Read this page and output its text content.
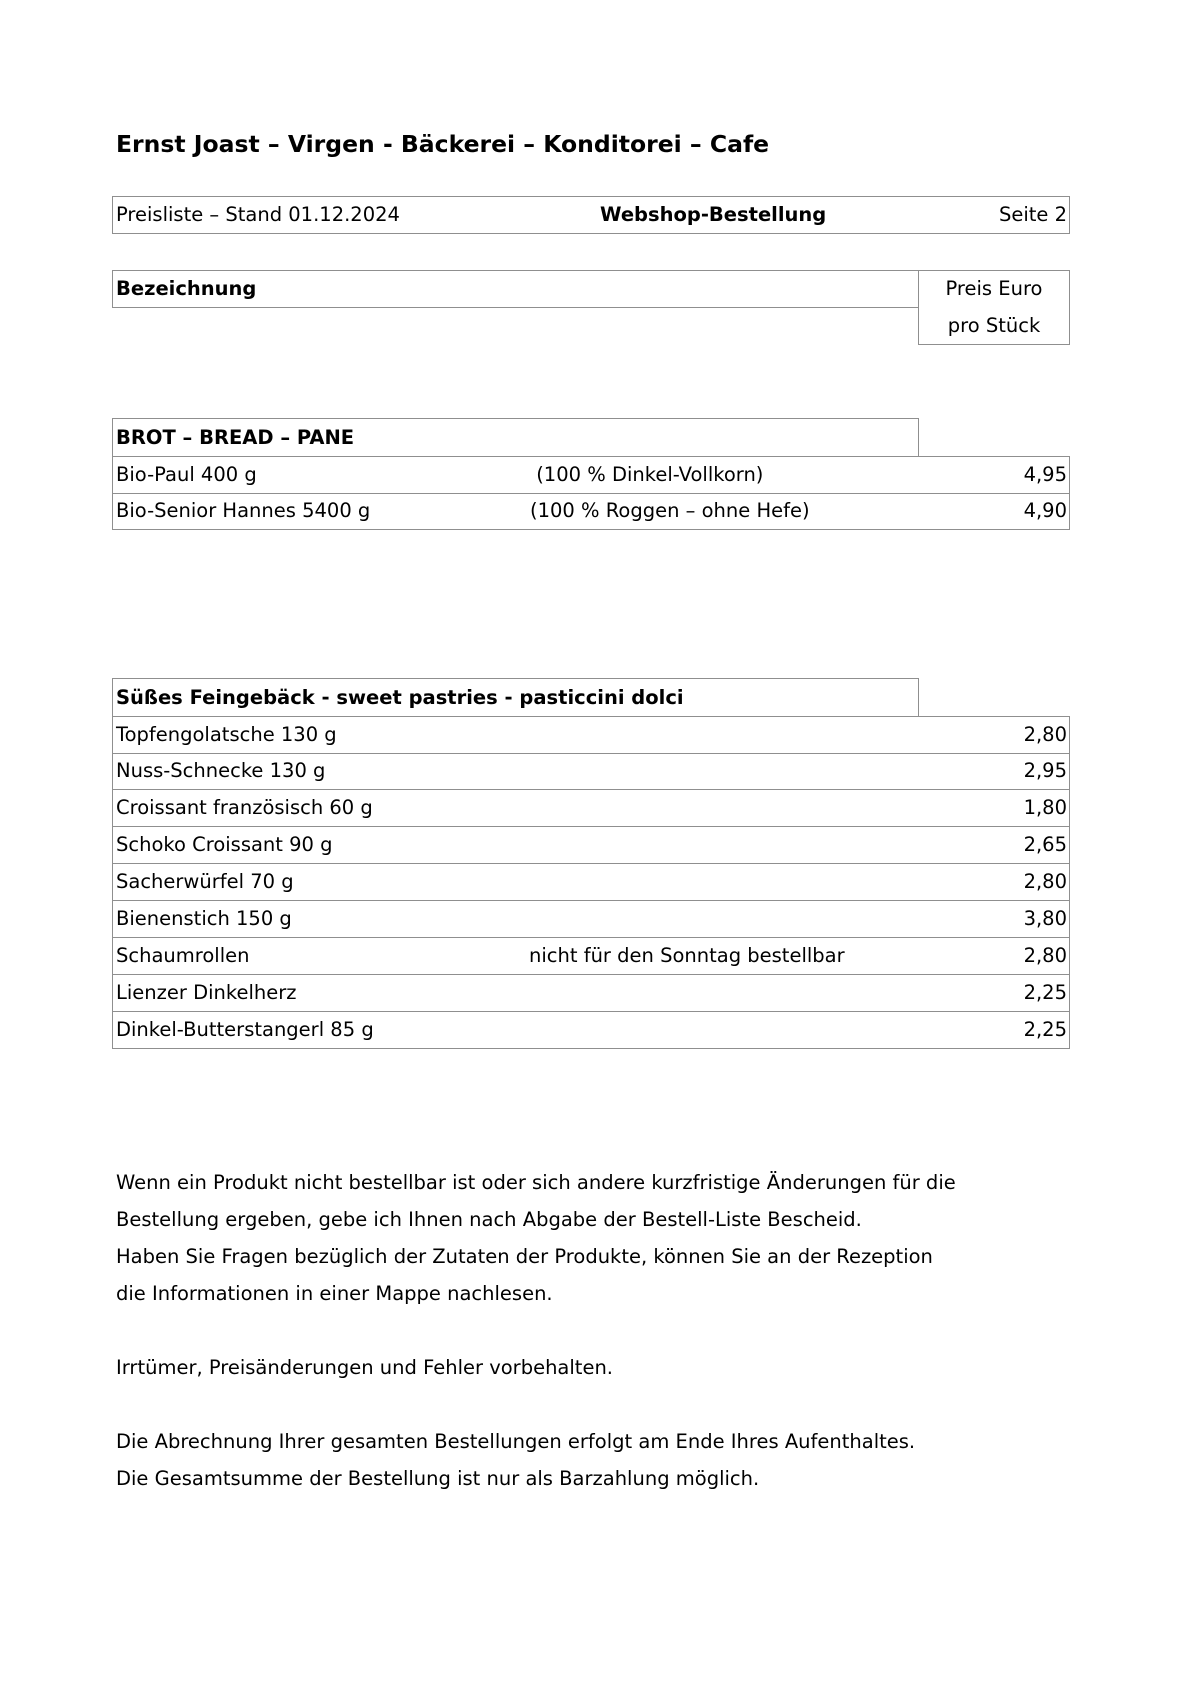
Ernst Joast – Virgen - Bäckerei – Konditorei – Cafe
Preisliste – Stand 01.12.2024	Webshop-Bestellung	Seite 2
Bezeichnung	Preis Euro
pro Stück
BROT – BREAD – PANE
Bio-Paul 400 g	(100 % Dinkel-Vollkorn)	4,95
Bio-Senior Hannes 5400 g	(100 % Roggen – ohne Hefe)	4,90
Süßes Feingebäck - sweet pastries - pasticcini dolci
Topfengolatsche 130 g	2,80
Nuss-Schnecke 130 g	2,95
Croissant französisch 60 g	1,80
Schoko Croissant 90 g	2,65
Sacherwürfel 70 g	2,80
Bienenstich 150 g	3,80
Schaumrollen	nicht für den Sonntag bestellbar	2,80
Lienzer Dinkelherz	2,25
Dinkel-Butterstangerl 85 g	2,25

Wenn ein Produkt nicht bestellbar ist oder sich andere kurzfristige Änderungen für die

Bestellung ergeben, gebe ich Ihnen nach Abgabe der Bestell-Liste Bescheid.

Haben Sie Fragen bezüglich der Zutaten der Produkte, können Sie an der Rezeption

die Informationen in einer Mappe nachlesen.

Irrtümer, Preisänderungen und Fehler vorbehalten.

Die Abrechnung Ihrer gesamten Bestellungen erfolgt am Ende Ihres Aufenthaltes.

Die Gesamtsumme der Bestellung ist nur als Barzahlung möglich.
